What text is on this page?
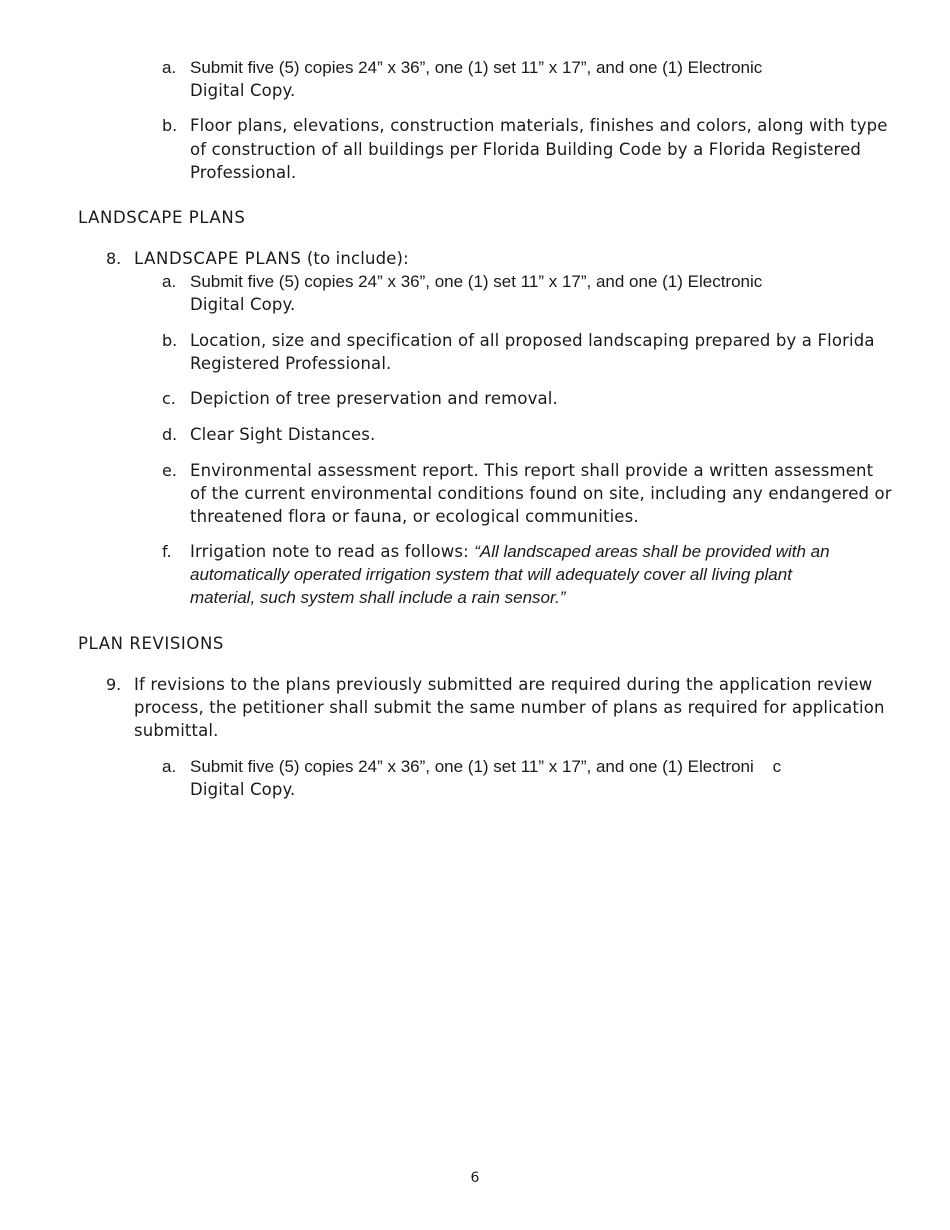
a. Submit five (5) copies 24” x 36”, one (1) set 11” x 17”, and one (1) Electronic
Digital Copy.
b. Floor plans, elevations, construction materials, finishes and colors, along with type
of construction of all buildings per Florida Building Code by a Florida Registered
Professional.
LANDSCAPE PLANS
8. LANDSCAPE PLANS (to include):
a. Submit five (5) copies 24” x 36”, one (1) set 11” x 17”, and one (1) Electronic
Digital Copy.
b. Location, size and specification of all proposed landscaping prepared by a Florida
Registered Professional.
c. Depiction of tree preservation and removal.
d. Clear Sight Distances.
e. Environmental assessment report. This report shall provide a written assessment
of the current environmental conditions found on site, including any endangered or
threatened flora or fauna, or ecological communities.
f. Irrigation note to read as follows: “All landscaped areas shall be provided with an
automatically operated irrigation system that will adequately cover all living plant
material, such system shall include a rain sensor.”
PLAN REVISIONS
9. If revisions to the plans previously submitted are required during the application review
process, the petitioner shall submit the same number of plans as required for application
submittal.
a. Submit five (5) copies 24” x 36”, one (1) set 11” x 17”, and one (1) Electroni    c
Digital Copy.
6
